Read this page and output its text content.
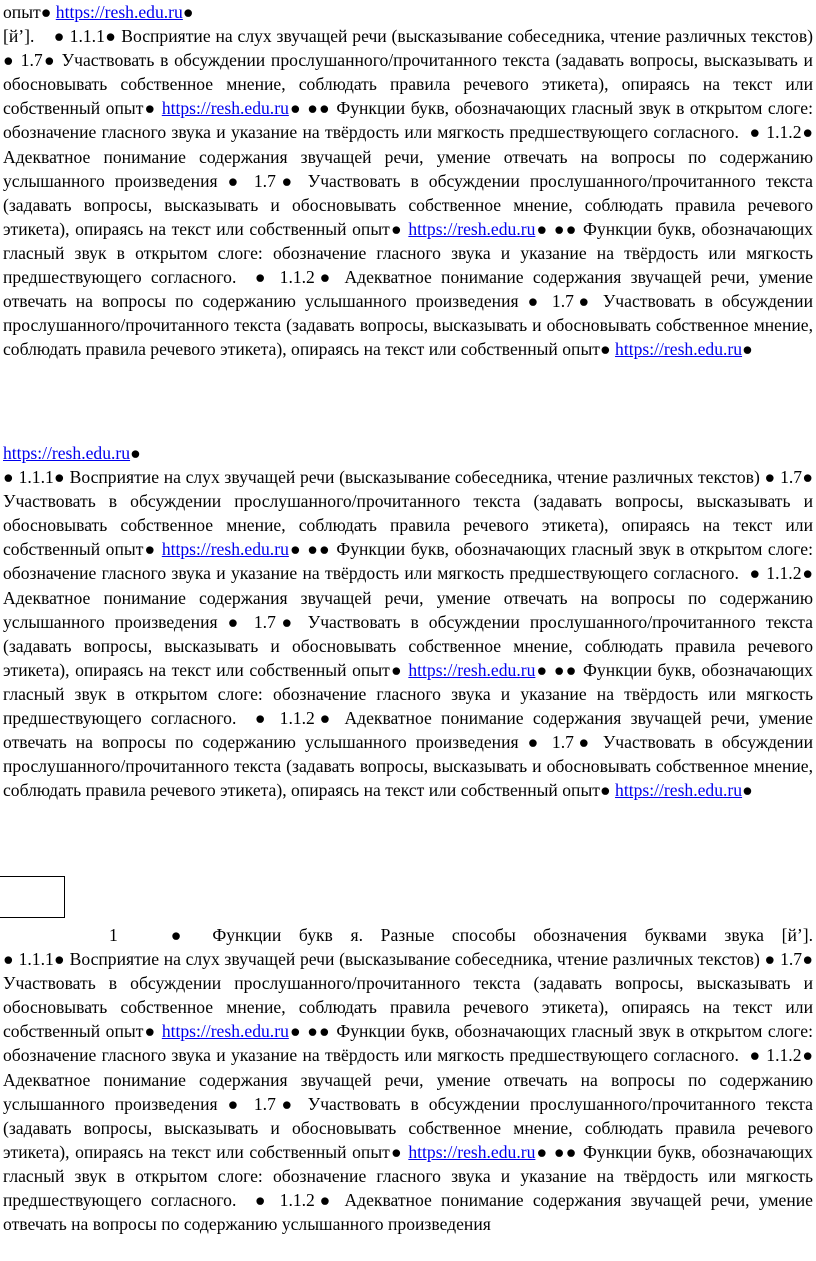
опыт● https://resh.edu.ru●
[й’]. ● 1.1.1● Восприятие на слух звучащей речи (высказывание собеседника, чтение различных текстов) ● 1.7● Участвовать в обсуждении прослушанного/прочитанного текста (задавать вопросы, высказывать и обосновывать собственное мнение, соблюдать правила речевого этикета), опираясь на текст или собственный опыт● https://resh.edu.ru● ●● Функции букв, обозначающих гласный звук в открытом слоге: обозначение гласного звука и указание на твёрдость или мягкость предшествующего согласного. ● 1.1.2● Адекватное понимание содержания звучащей речи, умение отвечать на вопросы по содержанию услышанного произведения ● 1.7● Участвовать в обсуждении прослушанного/прочитанного текста (задавать вопросы, высказывать и обосновывать собственное мнение, соблюдать правила речевого этикета), опираясь на текст или собственный опыт● https://resh.edu.ru● ●● Функции букв, обозначающих гласный звук в открытом слоге: обозначение гласного звука и указание на твёрдость или мягкость предшествующего согласного. ● 1.1.2● Адекватное понимание содержания звучащей речи, умение отвечать на вопросы по содержанию услышанного произведения ● 1.7● Участвовать в обсуждении прослушанного/прочитанного текста (задавать вопросы, высказывать и обосновывать собственное мнение, соблюдать правила речевого этикета), опираясь на текст или собственный опыт● https://resh.edu.ru●
https://resh.edu.ru●
● 1.1.1● Восприятие на слух звучащей речи (высказывание собеседника, чтение различных текстов) ● 1.7● Участвовать в обсуждении прослушанного/прочитанного текста (задавать вопросы, высказывать и обосновывать собственное мнение, соблюдать правила речевого этикета), опираясь на текст или собственный опыт● https://resh.edu.ru● ●● Функции букв, обозначающих гласный звук в открытом слоге: обозначение гласного звука и указание на твёрдость или мягкость предшествующего согласного. ● 1.1.2● Адекватное понимание содержания звучащей речи, умение отвечать на вопросы по содержанию услышанного произведения ● 1.7● Участвовать в обсуждении прослушанного/прочитанного текста (задавать вопросы, высказывать и обосновывать собственное мнение, соблюдать правила речевого этикета), опираясь на текст или собственный опыт● https://resh.edu.ru● ●● Функции букв, обозначающих гласный звук в открытом слоге: обозначение гласного звука и указание на твёрдость или мягкость предшествующего согласного. ● 1.1.2● Адекватное понимание содержания звучащей речи, умение отвечать на вопросы по содержанию услышанного произведения ● 1.7● Участвовать в обсуждении прослушанного/прочитанного текста (задавать вопросы, высказывать и обосновывать собственное мнение, соблюдать правила речевого этикета), опираясь на текст или собственный опыт● https://resh.edu.ru●
1	● Функции букв я. Разные способы обозначения буквами звука [й’].
● 1.1.1● Восприятие на слух звучащей речи (высказывание собеседника, чтение различных текстов) ● 1.7● Участвовать в обсуждении прослушанного/прочитанного текста (задавать вопросы, высказывать и обосновывать собственное мнение, соблюдать правила речевого этикета), опираясь на текст или собственный опыт● https://resh.edu.ru● ●● Функции букв, обозначающих гласный звук в открытом слоге: обозначение гласного звука и указание на твёрдость или мягкость предшествующего согласного. ● 1.1.2● Адекватное понимание содержания звучащей речи, умение отвечать на вопросы по содержанию услышанного произведения ● 1.7● Участвовать в обсуждении прослушанного/прочитанного текста (задавать вопросы, высказывать и обосновывать собственное мнение, соблюдать правила речевого этикета), опираясь на текст или собственный опыт● https://resh.edu.ru● ●● Функции букв, обозначающих гласный звук в открытом слоге: обозначение гласного звука и указание на твёрдость или мягкость предшествующего согласного. ● 1.1.2● Адекватное понимание содержания звучащей речи, умение отвечать на вопросы по содержанию услышанного произведения
